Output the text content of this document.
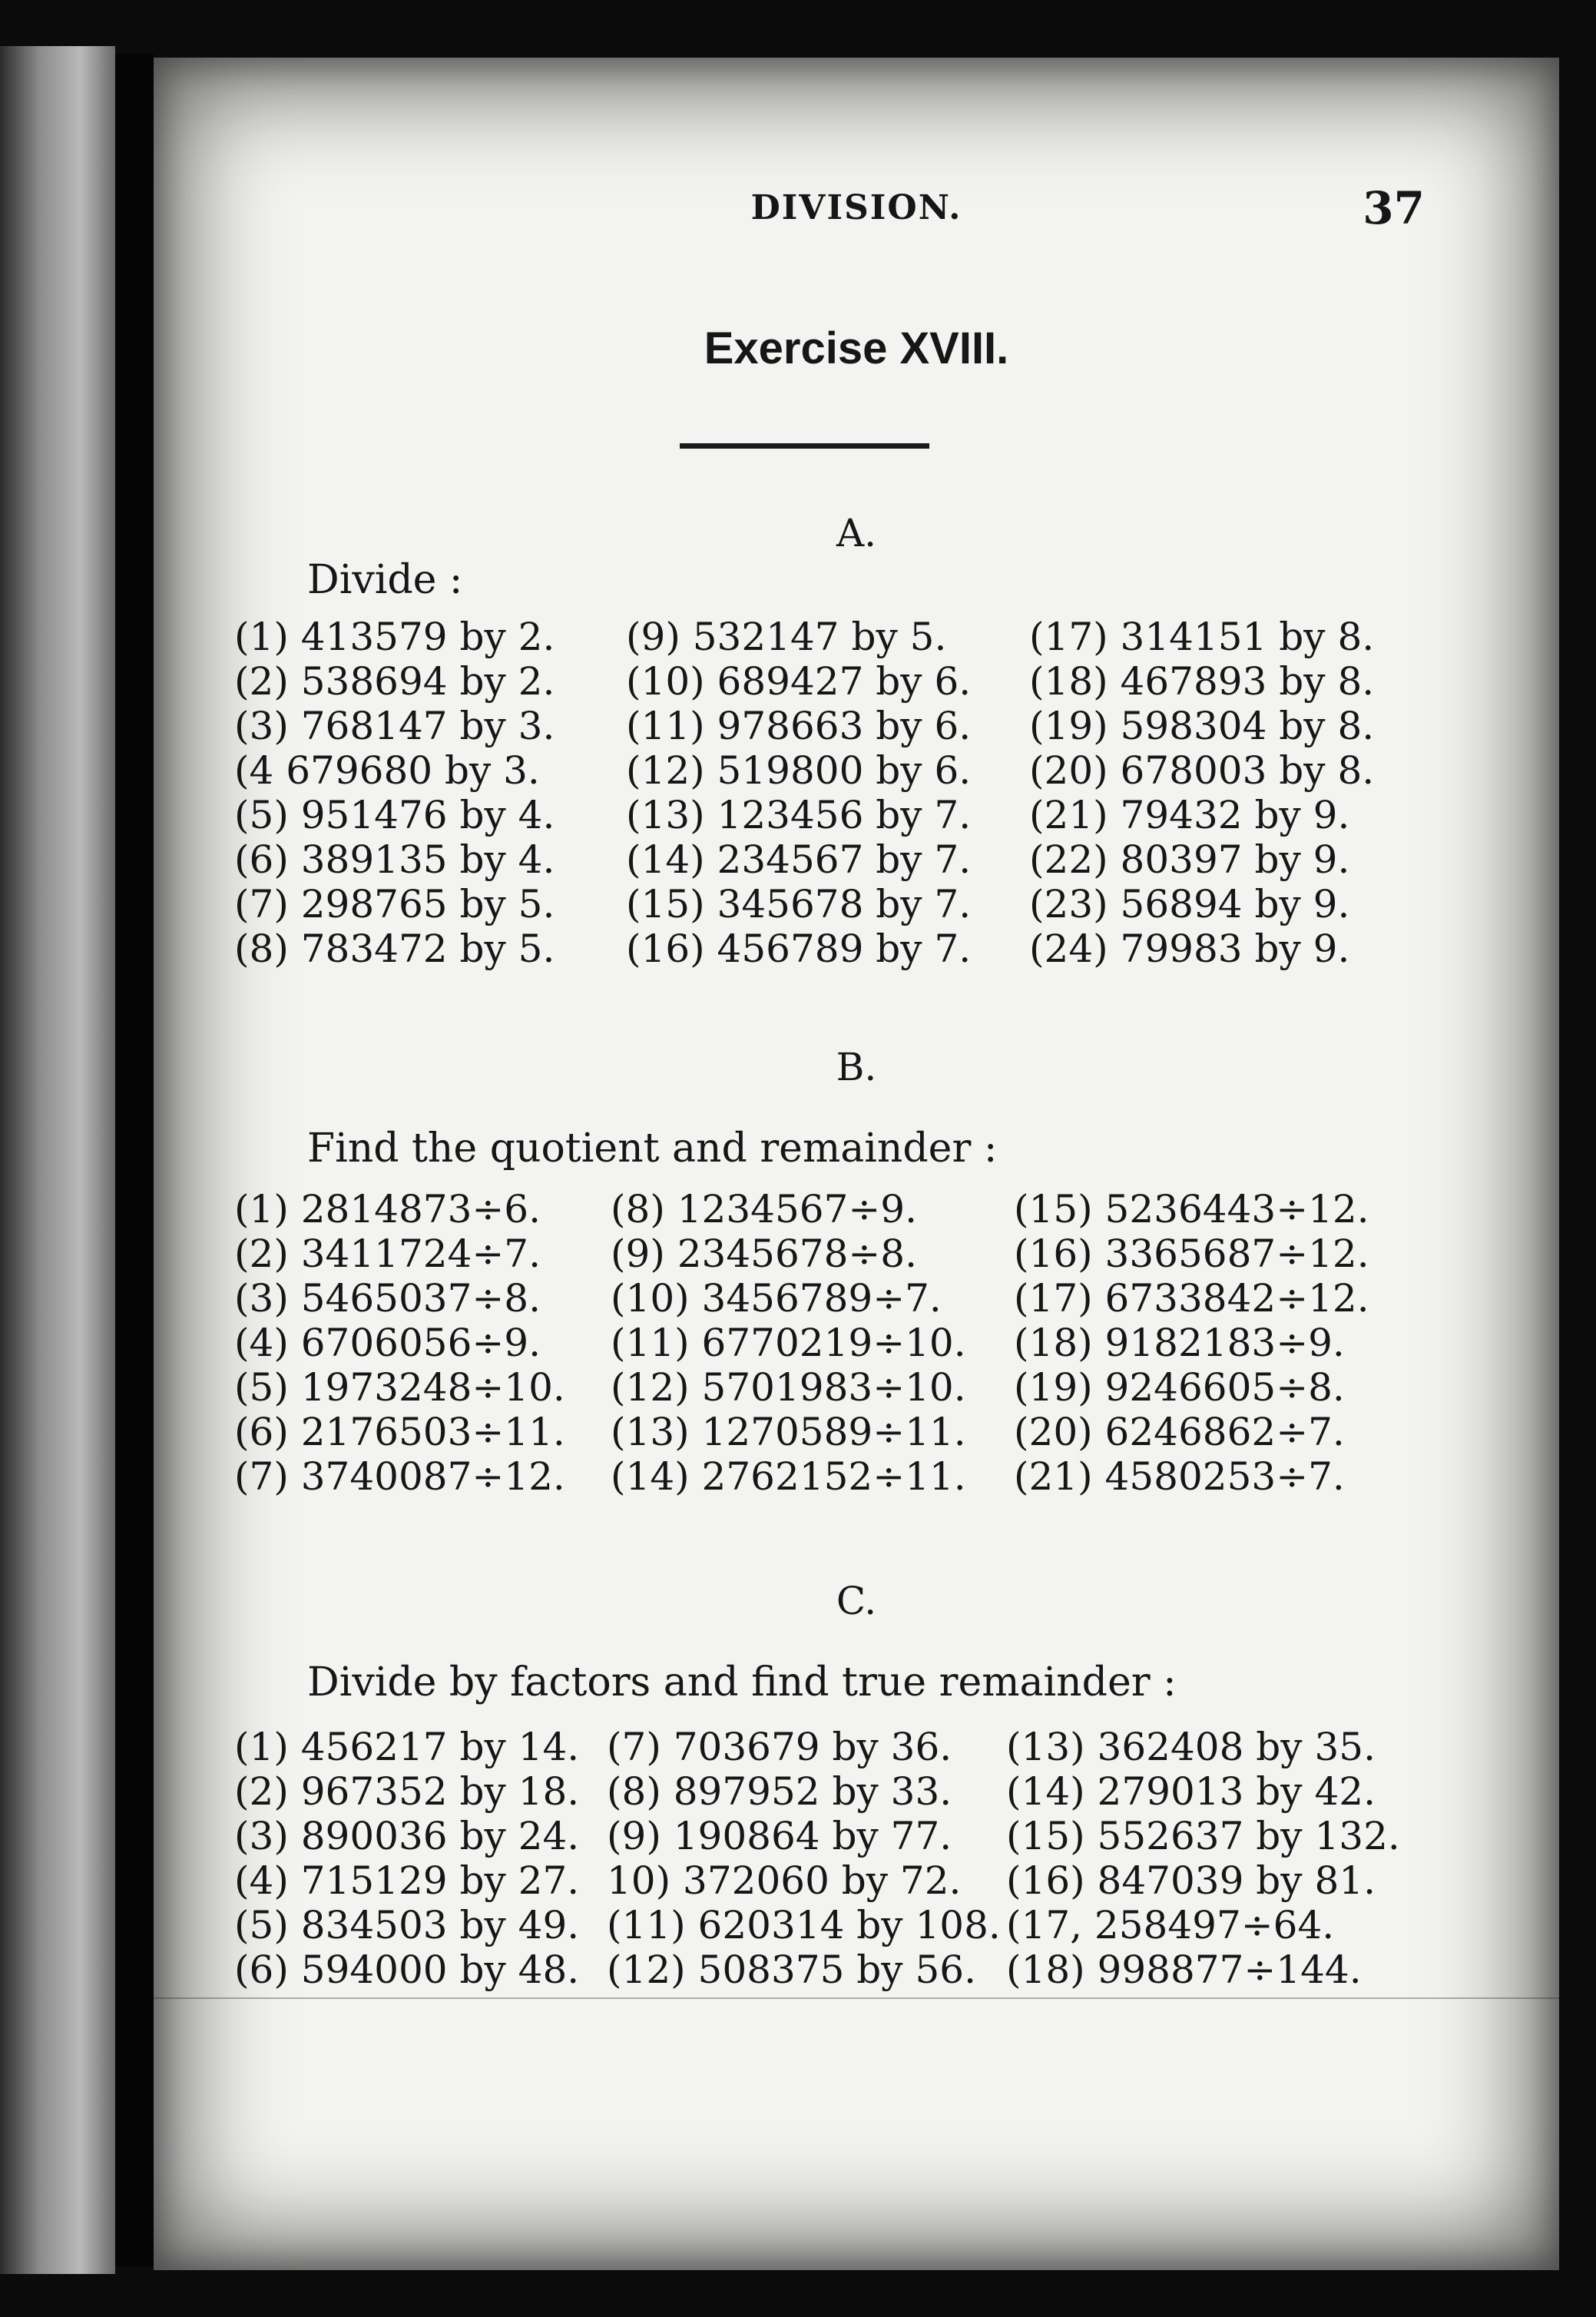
DIVISION.	37
Exercise XVIII.
A.
Divide :
(1) 413579 by 2.
(2) 538694 by 2.
(3) 768147 by 3.
(4 679680 by 3.
(5) 951476 by 4.
(6) 389135 by 4.
(7) 298765 by 5.
(8) 783472 by 5.
(9) 532147 by 5.
(10) 689427 by 6.
(11) 978663 by 6.
(12) 519800 by 6.
(13) 123456 by 7.
(14) 234567 by 7.
(15) 345678 by 7.
(16) 456789 by 7.
(17) 314151 by 8.
(18) 467893 by 8.
(19) 598304 by 8.
(20) 678003 by 8.
(21) 79432 by 9.
(22) 80397 by 9.
(23) 56894 by 9.
(24) 79983 by 9.
B.
Find the quotient and remainder :
(1) 2814873÷6.
(2) 3411724÷7.
(3) 5465037÷8.
(4) 6706056÷9.
(5) 1973248÷10.
(6) 2176503÷11.
(7) 3740087÷12.
(8) 1234567÷9.
(9) 2345678÷8.
(10) 3456789÷7.
(11) 6770219÷10.
(12) 5701983÷10.
(13) 1270589÷11.
(14) 2762152÷11.
(15) 5236443÷12.
(16) 3365687÷12.
(17) 6733842÷12.
(18) 9182183÷9.
(19) 9246605÷8.
(20) 6246862÷7.
(21) 4580253÷7.
C.
Divide by factors and find true remainder :
(1) 456217 by 14.
(2) 967352 by 18.
(3) 890036 by 24.
(4) 715129 by 27.
(5) 834503 by 49.
(6) 594000 by 48.
(7) 703679 by 36.
(8) 897952 by 33.
(9) 190864 by 77.
10) 372060 by 72.
(11) 620314 by 108.
(12) 508375 by 56.
(13) 362408 by 35.
(14) 279013 by 42.
(15) 552637 by 132.
(16) 847039 by 81.
(17, 258497÷64.
(18) 998877÷144.
